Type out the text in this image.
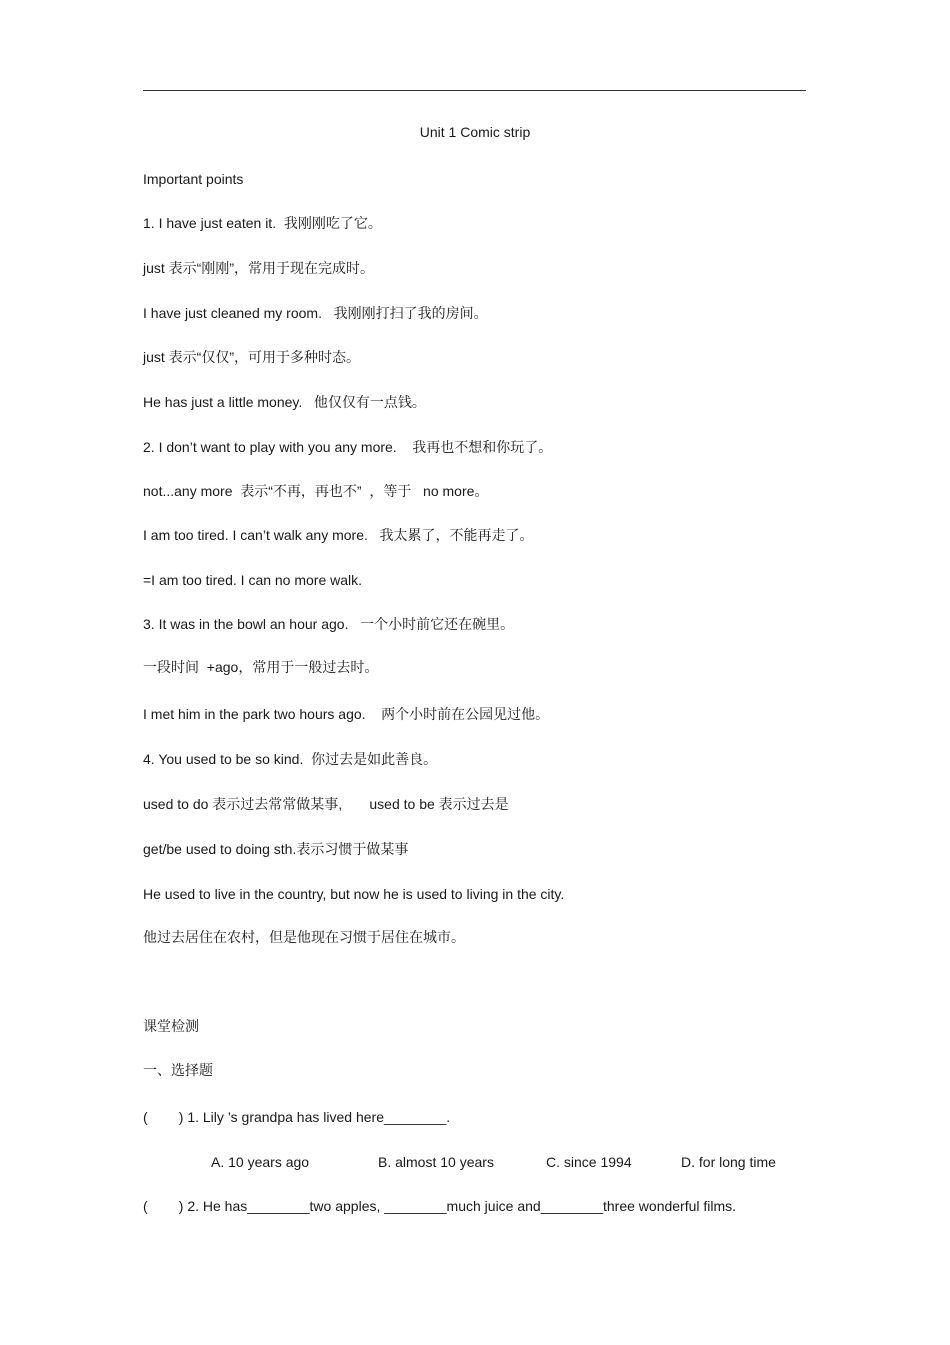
Unit 1 Comic strip
Important points
1. I have just eaten it.  我刚刚吃了它。
just 表示“刚刚”，常用于现在完成时。
I have just cleaned my room.   我刚刚打扫了我的房间。
just 表示“仅仅”，可用于多种时态。
He has just a little money.   他仅仅有一点钱。
2. I don’t want to play with you any more.    我再也不想和你玩了。
not...any more  表示“不再，再也不”  ，等于   no more。
I am too tired. I can’t walk any more.   我太累了，不能再走了。
=I am too tired. I can no more walk.
3. It was in the bowl an hour ago.   一个小时前它还在碗里。
一段时间  +ago，常用于一般过去时。
I met him in the park two hours ago.    两个小时前在公园见过他。
4. You used to be so kind.  你过去是如此善良。
used to do 表示过去常常做某事,       used to be 表示过去是
get/be used to doing sth.表示习惯于做某事
He used to live in the country, but now he is used to living in the city.
他过去居住在农村，但是他现在习惯于居住在城市。
课堂检测
一、选择题
(        ) 1. Lily ’s grandpa has lived here________.
A. 10 years ago	B. almost 10 years	C. since 1994	D. for long time
(        ) 2. He has________two apples, ________much juice and________three wonderful films.
